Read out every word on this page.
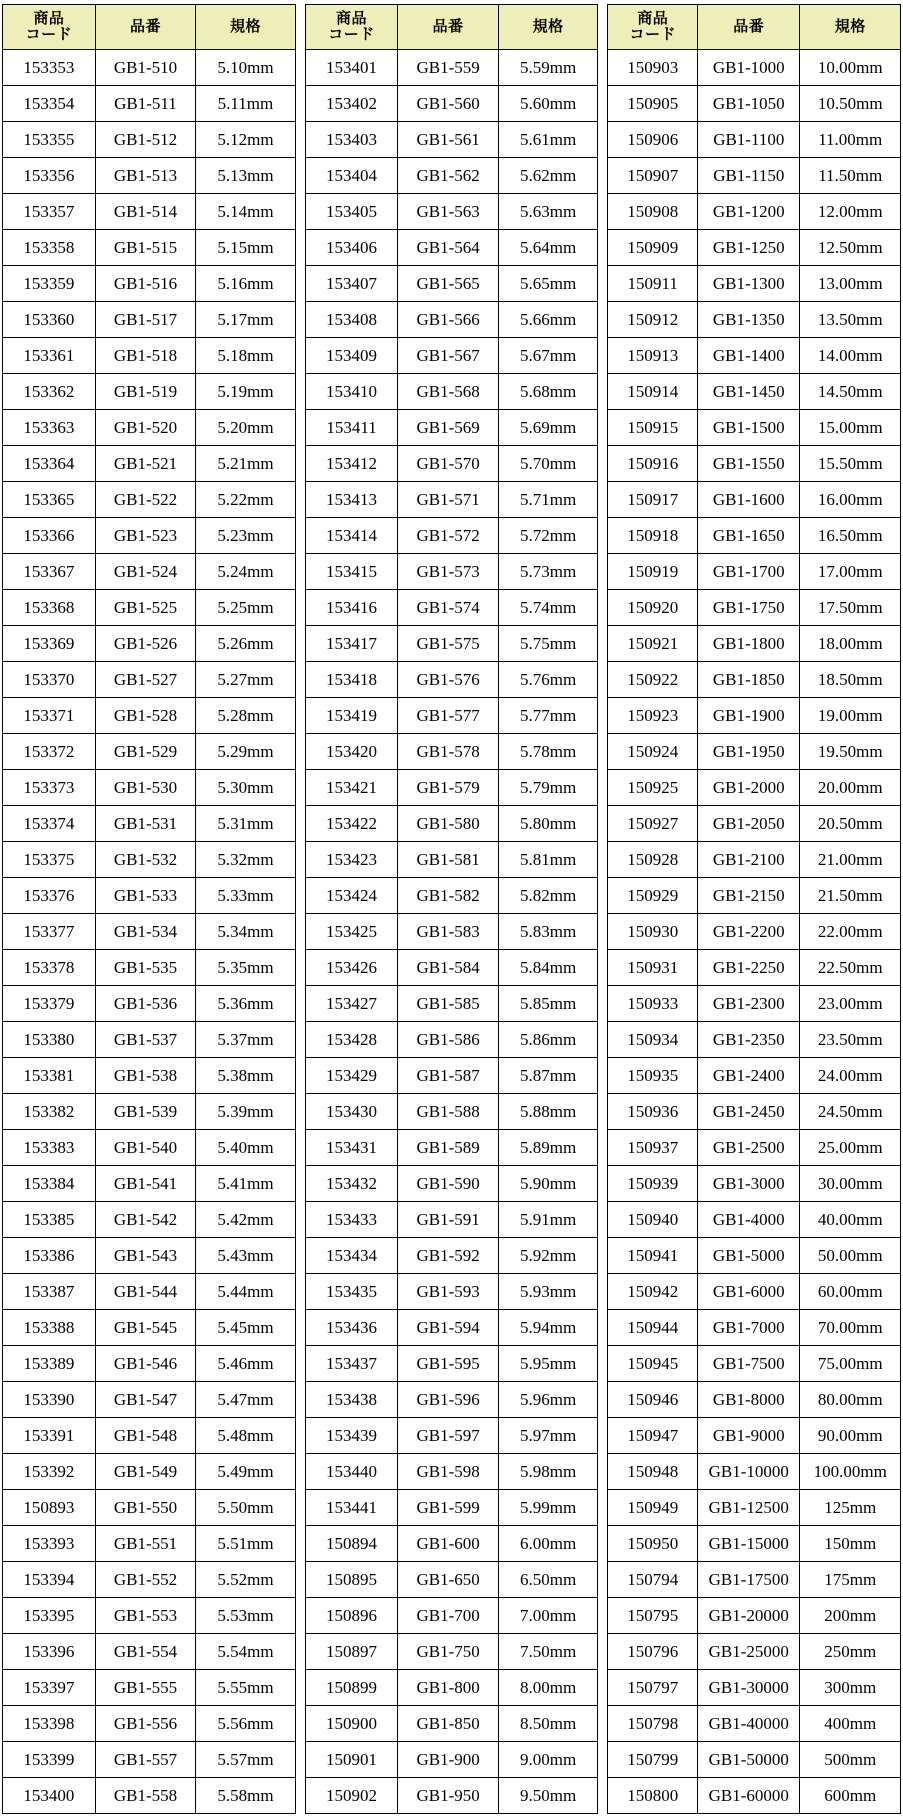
商品
コード	品番	規格
153353	GB1-510	5.10mm
153354	GB1-511	5.11mm
153355	GB1-512	5.12mm
153356	GB1-513	5.13mm
153357	GB1-514	5.14mm
153358	GB1-515	5.15mm
153359	GB1-516	5.16mm
153360	GB1-517	5.17mm
153361	GB1-518	5.18mm
153362	GB1-519	5.19mm
153363	GB1-520	5.20mm
153364	GB1-521	5.21mm
153365	GB1-522	5.22mm
153366	GB1-523	5.23mm
153367	GB1-524	5.24mm
153368	GB1-525	5.25mm
153369	GB1-526	5.26mm
153370	GB1-527	5.27mm
153371	GB1-528	5.28mm
153372	GB1-529	5.29mm
153373	GB1-530	5.30mm
153374	GB1-531	5.31mm
153375	GB1-532	5.32mm
153376	GB1-533	5.33mm
153377	GB1-534	5.34mm
153378	GB1-535	5.35mm
153379	GB1-536	5.36mm
153380	GB1-537	5.37mm
153381	GB1-538	5.38mm
153382	GB1-539	5.39mm
153383	GB1-540	5.40mm
153384	GB1-541	5.41mm
153385	GB1-542	5.42mm
153386	GB1-543	5.43mm
153387	GB1-544	5.44mm
153388	GB1-545	5.45mm
153389	GB1-546	5.46mm
153390	GB1-547	5.47mm
153391	GB1-548	5.48mm
153392	GB1-549	5.49mm
150893	GB1-550	5.50mm
153393	GB1-551	5.51mm
153394	GB1-552	5.52mm
153395	GB1-553	5.53mm
153396	GB1-554	5.54mm
153397	GB1-555	5.55mm
153398	GB1-556	5.56mm
153399	GB1-557	5.57mm
153400	GB1-558	5.58mm
商品
コード	品番	規格
153401	GB1-559	5.59mm
153402	GB1-560	5.60mm
153403	GB1-561	5.61mm
153404	GB1-562	5.62mm
153405	GB1-563	5.63mm
153406	GB1-564	5.64mm
153407	GB1-565	5.65mm
153408	GB1-566	5.66mm
153409	GB1-567	5.67mm
153410	GB1-568	5.68mm
153411	GB1-569	5.69mm
153412	GB1-570	5.70mm
153413	GB1-571	5.71mm
153414	GB1-572	5.72mm
153415	GB1-573	5.73mm
153416	GB1-574	5.74mm
153417	GB1-575	5.75mm
153418	GB1-576	5.76mm
153419	GB1-577	5.77mm
153420	GB1-578	5.78mm
153421	GB1-579	5.79mm
153422	GB1-580	5.80mm
153423	GB1-581	5.81mm
153424	GB1-582	5.82mm
153425	GB1-583	5.83mm
153426	GB1-584	5.84mm
153427	GB1-585	5.85mm
153428	GB1-586	5.86mm
153429	GB1-587	5.87mm
153430	GB1-588	5.88mm
153431	GB1-589	5.89mm
153432	GB1-590	5.90mm
153433	GB1-591	5.91mm
153434	GB1-592	5.92mm
153435	GB1-593	5.93mm
153436	GB1-594	5.94mm
153437	GB1-595	5.95mm
153438	GB1-596	5.96mm
153439	GB1-597	5.97mm
153440	GB1-598	5.98mm
153441	GB1-599	5.99mm
150894	GB1-600	6.00mm
150895	GB1-650	6.50mm
150896	GB1-700	7.00mm
150897	GB1-750	7.50mm
150899	GB1-800	8.00mm
150900	GB1-850	8.50mm
150901	GB1-900	9.00mm
150902	GB1-950	9.50mm
商品
コード	品番	規格
150903	GB1-1000	10.00mm
150905	GB1-1050	10.50mm
150906	GB1-1100	11.00mm
150907	GB1-1150	11.50mm
150908	GB1-1200	12.00mm
150909	GB1-1250	12.50mm
150911	GB1-1300	13.00mm
150912	GB1-1350	13.50mm
150913	GB1-1400	14.00mm
150914	GB1-1450	14.50mm
150915	GB1-1500	15.00mm
150916	GB1-1550	15.50mm
150917	GB1-1600	16.00mm
150918	GB1-1650	16.50mm
150919	GB1-1700	17.00mm
150920	GB1-1750	17.50mm
150921	GB1-1800	18.00mm
150922	GB1-1850	18.50mm
150923	GB1-1900	19.00mm
150924	GB1-1950	19.50mm
150925	GB1-2000	20.00mm
150927	GB1-2050	20.50mm
150928	GB1-2100	21.00mm
150929	GB1-2150	21.50mm
150930	GB1-2200	22.00mm
150931	GB1-2250	22.50mm
150933	GB1-2300	23.00mm
150934	GB1-2350	23.50mm
150935	GB1-2400	24.00mm
150936	GB1-2450	24.50mm
150937	GB1-2500	25.00mm
150939	GB1-3000	30.00mm
150940	GB1-4000	40.00mm
150941	GB1-5000	50.00mm
150942	GB1-6000	60.00mm
150944	GB1-7000	70.00mm
150945	GB1-7500	75.00mm
150946	GB1-8000	80.00mm
150947	GB1-9000	90.00mm
150948	GB1-10000	100.00mm
150949	GB1-12500	125mm
150950	GB1-15000	150mm
150794	GB1-17500	175mm
150795	GB1-20000	200mm
150796	GB1-25000	250mm
150797	GB1-30000	300mm
150798	GB1-40000	400mm
150799	GB1-50000	500mm
150800	GB1-60000	600mm
